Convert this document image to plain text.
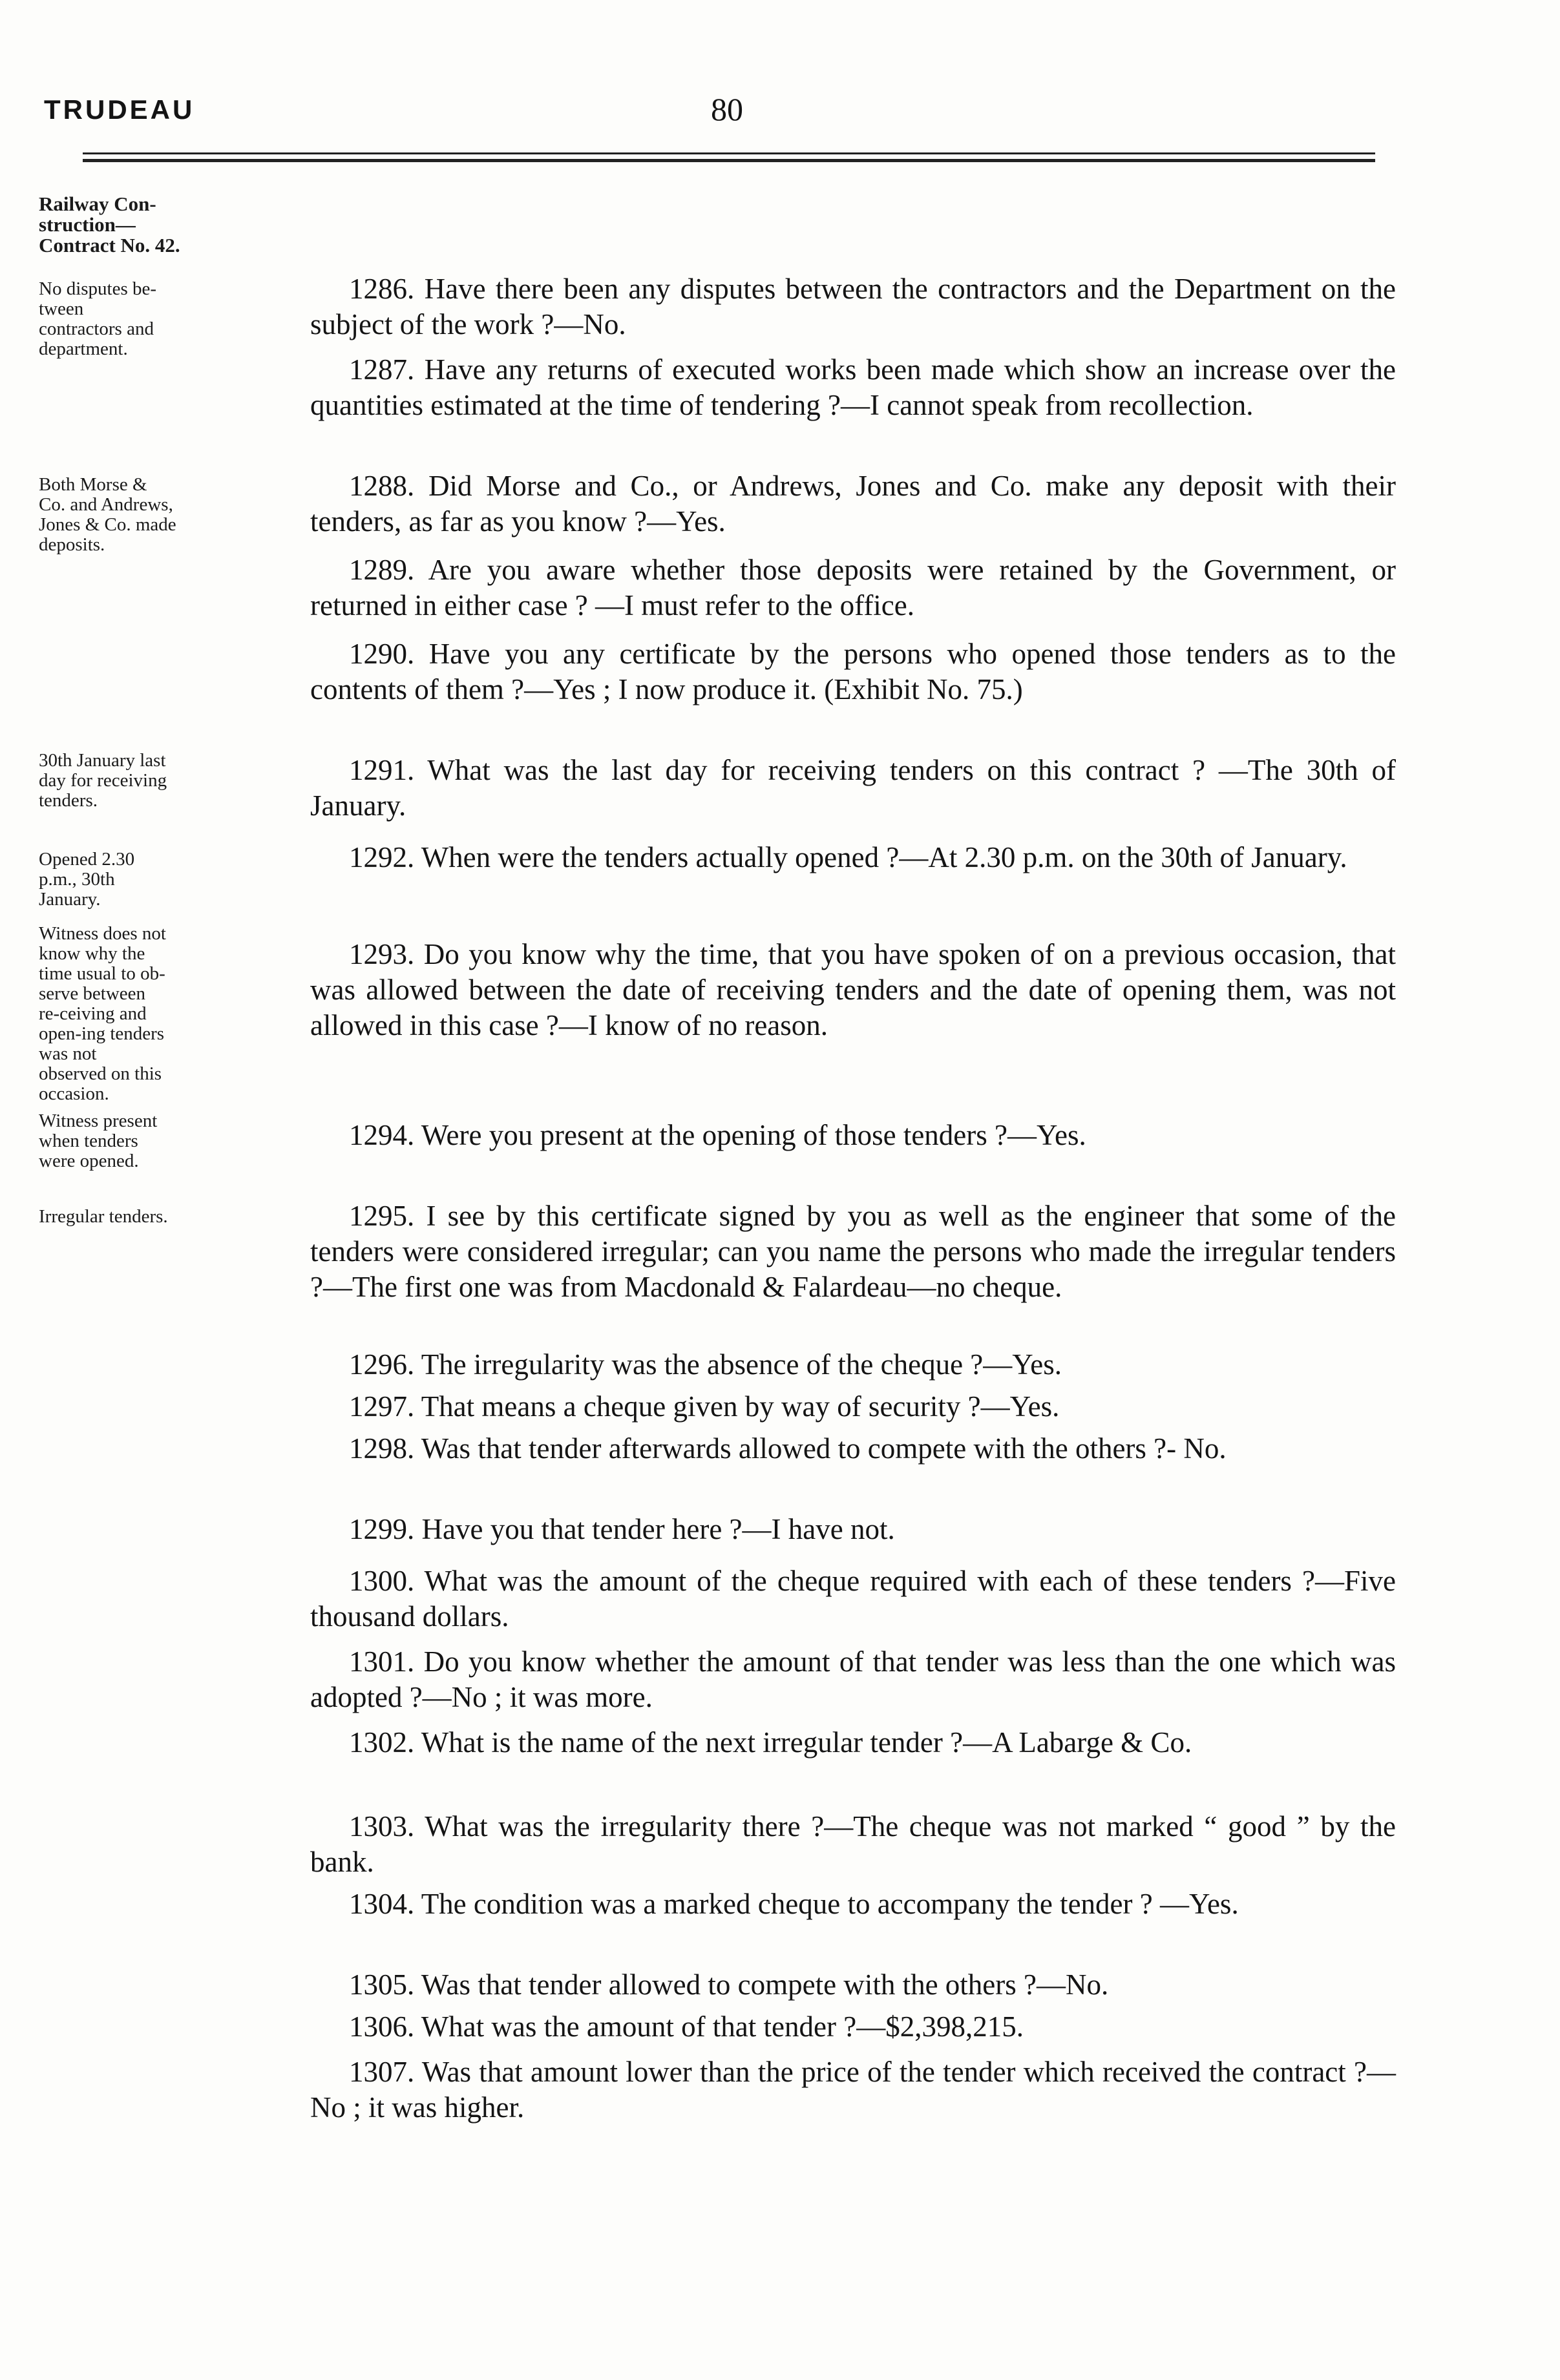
TRUDEAU	80
Railway Con-struction—Contract No. 42.
No disputes be-tween contractors and department.
Both Morse & Co. and Andrews, Jones & Co. made deposits.
30th January last day for receiving tenders.
Opened 2.30 p.m., 30th January.
Witness does not know why the time usual to ob-serve between re-ceiving and open-ing tenders was not observed on this occasion.
Witness present when tenders were opened.
Irregular tenders.
1286. Have there been any disputes between the contractors and the Department on the subject of the work ?—No.
1287. Have any returns of executed works been made which show an increase over the quantities estimated at the time of tendering ?—I cannot speak from recollection.
1288. Did Morse and Co., or Andrews, Jones and Co. make any deposit with their tenders, as far as you know ?—Yes.
1289. Are you aware whether those deposits were retained by the Government, or returned in either case ? —I must refer to the office.
1290. Have you any certificate by the persons who opened those tenders as to the contents of them ?—Yes ; I now produce it. (Exhibit No. 75.)
1291. What was the last day for receiving tenders on this contract ? —The 30th of January.
1292. When were the tenders actually opened ?—At 2.30 p.m. on the 30th of January.
1293. Do you know why the time, that you have spoken of on a previous occasion, that was allowed between the date of receiving tenders and the date of opening them, was not allowed in this case ?—I know of no reason.
1294. Were you present at the opening of those tenders ?—Yes.
1295. I see by this certificate signed by you as well as the engineer that some of the tenders were considered irregular; can you name the persons who made the irregular tenders ?—The first one was from Macdonald & Falardeau—no cheque.
1296. The irregularity was the absence of the cheque ?—Yes.
1297. That means a cheque given by way of security ?—Yes.
1298. Was that tender afterwards allowed to compete with the others ?- No.
1299. Have you that tender here ?—I have not.
1300. What was the amount of the cheque required with each of these tenders ?—Five thousand dollars.
1301. Do you know whether the amount of that tender was less than the one which was adopted ?—No ; it was more.
1302. What is the name of the next irregular tender ?—A Labarge & Co.
1303. What was the irregularity there ?—The cheque was not marked “ good ” by the bank.
1304. The condition was a marked cheque to accompany the tender ? —Yes.
1305. Was that tender allowed to compete with the others ?—No.
1306. What was the amount of that tender ?—$2,398,215.
1307. Was that amount lower than the price of the tender which received the contract ?—No ; it was higher.
